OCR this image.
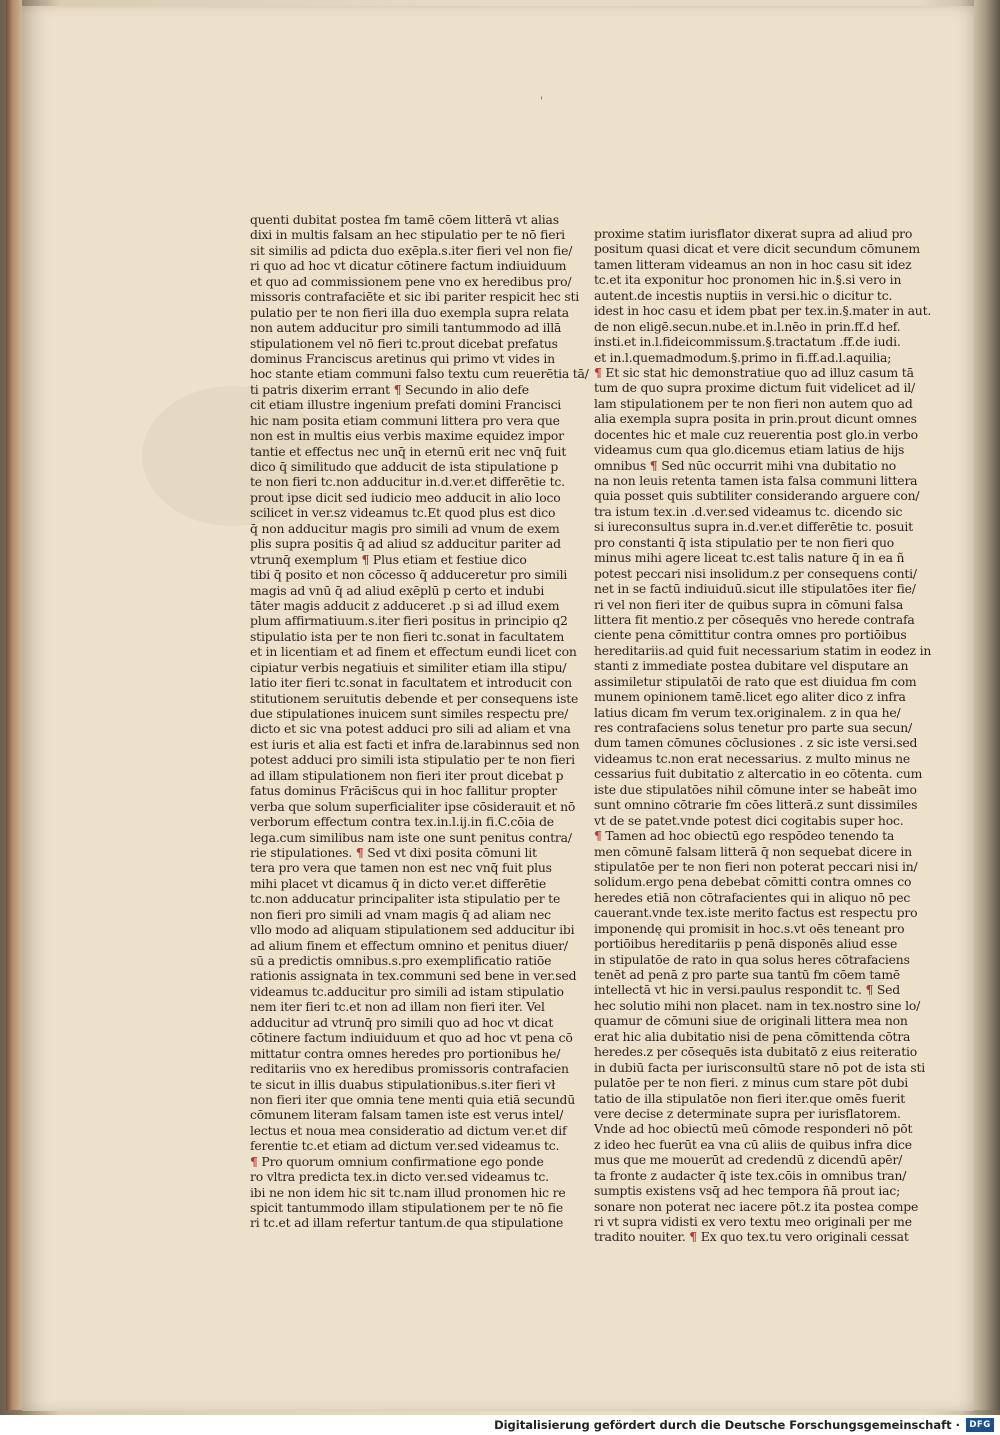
'
quenti dubitat postea fm tamē cōem litterā vt alias
dixi in multis falsam an hec stipulatio per te nō fieri
sit similis ad pdicta duo exēpla.s.iter fieri vel non fie/
ri quo ad hoc vt dicatur cōtinere factum indiuiduum
et quo ad commissionem pene vno ex heredibus pro/
missoris contrafaciēte et sic ibi pariter respicit hec sti
pulatio per te non fieri illa duo exempla supra relata
non autem adducitur pro simili tantummodo ad illā
stipulationem vel nō fieri tc.prout dicebat prefatus
dominus Franciscus aretinus qui primo vt vides in
hoc stante etiam communi falso textu cum reuerētia tā/
ti patris dixerim errant ¶ Secundo in alio defe
cit etiam illustre ingenium prefati domini Francisci
hic nam posita etiam communi littera pro vera que
non est in multis eius verbis maxime equidez impor
tantie et effectus nec unq̄ in eternū erit nec vnq̄ fuit
dico q̄ similitudo que adducit de ista stipulatione p
te non fieri tc.non adducitur in.d.ver.et differētie tc.
prout ipse dicit sed iudicio meo adducit in alio loco
scilicet in ver.sz videamus tc.Et quod plus est dico
q̄ non adducitur magis pro simili ad vnum de exem
plis supra positis q̄ ad aliud sz adducitur pariter ad
vtrunq̄ exemplum ¶ Plus etiam et festiue dico
tibi q̄ posito et non cōcesso q̄ adduceretur pro simili
magis ad vnū q̄ ad aliud exēplū p certo et indubi
tāter magis adducit z adduceret .p si ad illud exem
plum affirmatiuum.s.iter fieri positus in principio q2
stipulatio ista per te non fieri tc.sonat in facultatem
et in licentiam et ad finem et effectum eundi licet con
cipiatur verbis negatiuis et similiter etiam illa stipu/
latio iter fieri tc.sonat in facultatem et introducit con
stitutionem seruitutis debende et per consequens iste
due stipulationes inuicem sunt similes respectu pre/
dicto et sic vna potest adduci pro sili ad aliam et vna
est iuris et alia est facti et infra de.larabinnus sed non
potest adduci pro simili ista stipulatio per te non fieri
ad illam stipulationem non fieri iter prout dicebat p
fatus dominus Frācis̄cus qui in hoc fallitur propter
verba que solum superficialiter ipse cōsiderauit et nō
verborum effectum contra tex.in.l.ij.in fi.C.cōia de
lega.cum similibus nam iste one sunt penitus contra/
rie stipulationes. ¶ Sed vt dixi posita cōmuni lit
tera pro vera que tamen non est nec vnq̄ fuit plus
mihi placet vt dicamus q̄ in dicto ver.et differētie
tc.non adducatur principaliter ista stipulatio per te
non fieri pro simili ad vnam magis q̄ ad aliam nec
vllo modo ad aliquam stipulationem sed adducitur ibi
ad alium finem et effectum omnino et penitus diuer/
sū a predictis omnibus.s.pro exemplificatio ratiōe
rationis assignata in tex.communi sed bene in ver.sed
videamus tc.adducitur pro simili ad istam stipulatio
nem iter fieri tc.et non ad illam non fieri iter. Vel
adducitur ad vtrunq̄ pro simili quo ad hoc vt dicat
cōtinere factum indiuiduum et quo ad hoc vt pena cō
mittatur contra omnes heredes pro portionibus he/
reditariis vno ex heredibus promissoris contrafacien
te sicut in illis duabus stipulationibus.s.iter fieri vł
non fieri iter que omnia tene menti quia etiā secundū
cōmunem literam falsam tamen iste est verus intel/
lectus et noua mea consideratio ad dictum ver.et dif
ferentie tc.et etiam ad dictum ver.sed videamus tc.
¶ Pro quorum omnium confirmatione ego ponde
ro vltra predicta tex.in dicto ver.sed videamus tc.
ibi ne non idem hic sit tc.nam illud pronomen hic re
spicit tantummodo illam stipulationem per te nō fie
ri tc.et ad illam refertur tantum.de qua stipulatione
proxime statim iurisflator dixerat supra ad aliud pro
positum quasi dicat et vere dicit secundum cōmunem
tamen litteram videamus an non in hoc casu sit idez
tc.et ita exponitur hoc pronomen hic in.§.si vero in
autent.de incestis nuptiis in versi.hic o dicitur tc.
idest in hoc casu et idem pbat per tex.in.§.mater in aut.
de non eligē.secun.nube.et in.l.nēo in prin.ff.d hef.
insti.et in.l.fideicommissum.§.tractatum .ff.de iudi.
et in.l.quemadmodum.§.primo in fi.ff.ad.l.aquilia;
¶ Et sic stat hic demonstratiue quo ad illuz casum tā
tum de quo supra proxime dictum fuit videlicet ad il/
lam stipulationem per te non fieri non autem quo ad
alia exempla supra posita in prin.prout dicunt omnes
docentes hic et male cuz reuerentia post glo.in verbo
videamus cum qua glo.dicemus etiam latius de hijs
omnibus ¶ Sed nūc occurrit mihi vna dubitatio no
na non leuis retenta tamen ista falsa communi littera
quia posset quis subtiliter considerando arguere con/
tra istum tex.in .d.ver.sed videamus tc. dicendo sic
si iureconsultus supra in.d.ver.et differētie tc. posuit
pro constanti q̄ ista stipulatio per te non fieri quo
minus mihi agere liceat tc.est talis nature q̄ in ea ñ
potest peccari nisi insolidum.z per consequens conti/
net in se factū indiuiduū.sicut ille stipulatōes iter fie/
ri vel non fieri iter de quibus supra in cōmuni falsa
littera fit mentio.z per cōsequēs vno herede contrafa
ciente pena cōmittitur contra omnes pro portiōibus
hereditariis.ad quid fuit necessarium statim in eodez in
stanti z immediate postea dubitare vel disputare an
assimiletur stipulatōi de rato que est diuidua fm com
munem opinionem tamē.licet ego aliter dico z infra
latius dicam fm verum tex.originalem. z in qua he/
res contrafaciens solus tenetur pro parte sua secun/
dum tamen cōmunes cōclusiones . z sic iste versi.sed
videamus tc.non erat necessarius. z multo minus ne
cessarius fuit dubitatio z altercatio in eo cōtenta. cum
iste due stipulatōes nihil cōmune inter se habeāt imo
sunt omnino cōtrarie fm cōes litterā.z sunt dissimiles
vt de se patet.vnde potest dici cogitabis super hoc.
¶ Tamen ad hoc obiectū ego respōdeo tenendo ta
men cōmunē falsam litterā q̄ non sequebat dicere in
stipulatōe per te non fieri non poterat peccari nisi in/
solidum.ergo pena debebat cōmitti contra omnes co
heredes etiā non cōtrafacientes qui in aliquo nō pec
cauerant.vnde tex.iste merito factus est respectu pro
imponendę qui promisit in hoc.s.vt oēs teneant pro
portiōibus hereditariis p penā disponēs aliud esse
in stipulatōe de rato in qua solus heres cōtrafaciens
tenēt ad penā z pro parte sua tantū fm cōem tamē
intellectā vt hic in versi.paulus respondit tc. ¶
hec solutio mihi non placet. nam in tex.nostro sine lo/
quamur de cōmuni siue de originali littera mea non
erat hic alia dubitatio nisi de pena cōmittenda cōtra
heredes.z per cōsequēs ista dubitatō z eius reiteratio
in dubiū facta per iurisconsultū stare nō pot de ista sti
pulatōe per te non fieri. z minus cum stare pōt dubi
tatio de illa stipulatōe non fieri iter.que omēs fuerit
vere decise z determinate supra per iurisflatorem.
Vnde ad hoc obiectū meū cōmode responderi nō pōt
z ideo hec fuerūt ea vna cū aliis de quibus infra dice
mus que me mouerūt ad credendū z dicendū apēr/
ta fronte z audacter q̄ iste tex.cōis in omnibus tran/
sumptis existens vsq̄ ad hec tempora n̄ā prout iac;
sonare non poterat nec iacere pōt.z ita postea compe
ri vt supra vidisti ex vero textu meo originali per me
tradito nouiter. ¶ Ex quo tex.tu vero originali cessat
Digitalisierung gefördert durch die Deutsche Forschungsgemeinschaft ·	DFG
